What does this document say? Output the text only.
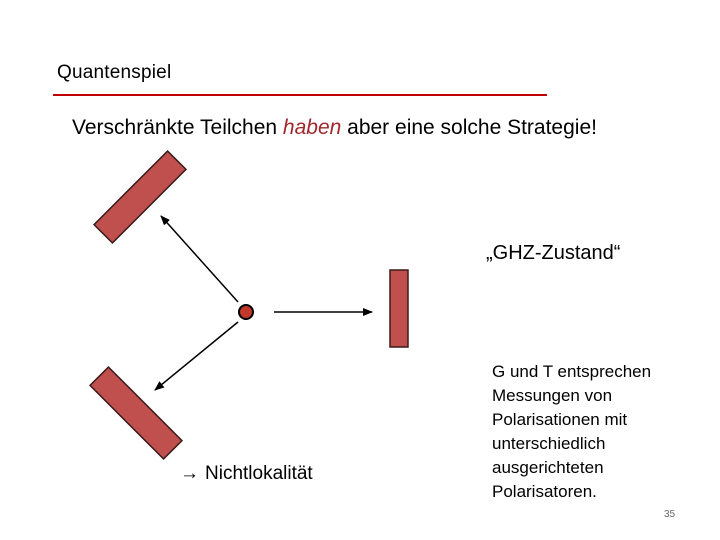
Quantenspiel
Verschränkte Teilchen haben aber eine solche Strategie!
„GHZ-Zustand“
G und T entsprechen
Messungen von
Polarisationen mit
unterschiedlich
ausgerichteten
Polarisatoren.
→ Nichtlokalität
35
